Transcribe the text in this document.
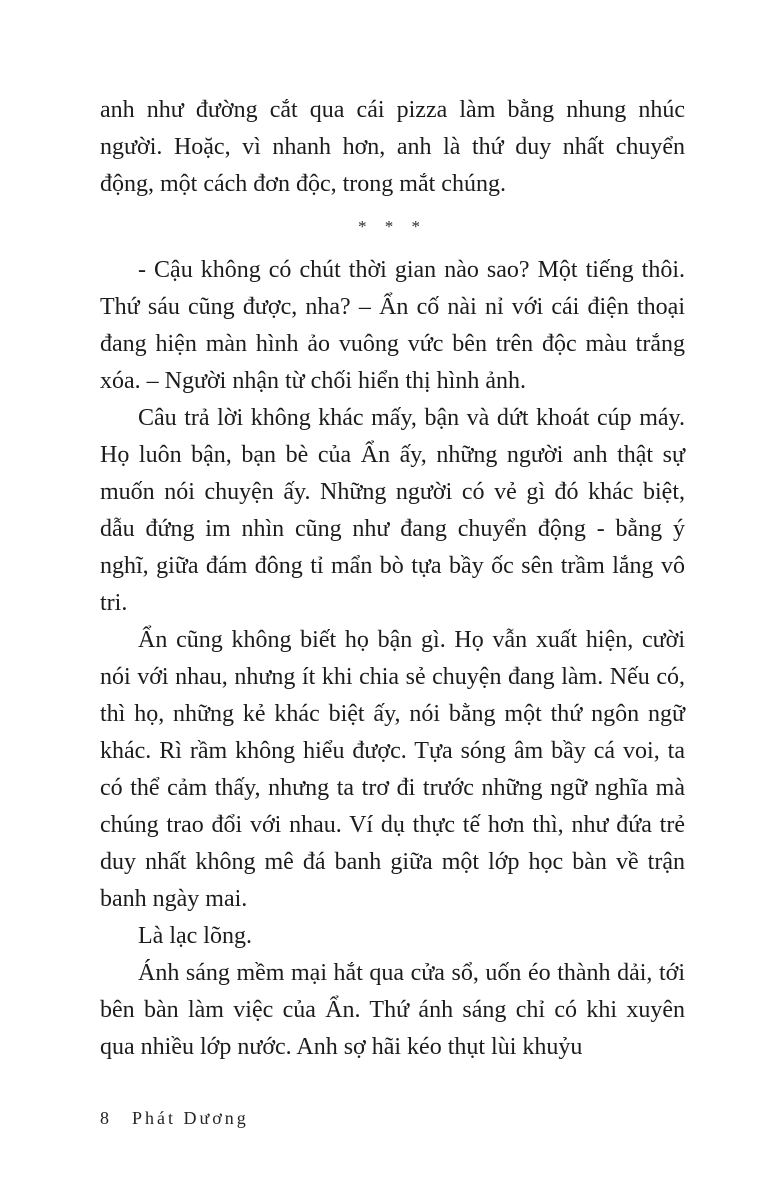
anh như đường cắt qua cái pizza làm bằng nhung nhúc người. Hoặc, vì nhanh hơn, anh là thứ duy nhất chuyển động, một cách đơn độc, trong mắt chúng.

* * *

- Cậu không có chút thời gian nào sao? Một tiếng thôi. Thứ sáu cũng được, nha? – Ẩn cố nài nỉ với cái điện thoại đang hiện màn hình ảo vuông vức bên trên độc màu trắng xóa. – Người nhận từ chối hiển thị hình ảnh.

Câu trả lời không khác mấy, bận và dứt khoát cúp máy. Họ luôn bận, bạn bè của Ẩn ấy, những người anh thật sự muốn nói chuyện ấy. Những người có vẻ gì đó khác biệt, dẫu đứng im nhìn cũng như đang chuyển động - bằng ý nghĩ, giữa đám đông tỉ mẩn bò tựa bầy ốc sên trầm lắng vô tri.

Ẩn cũng không biết họ bận gì. Họ vẫn xuất hiện, cười nói với nhau, nhưng ít khi chia sẻ chuyện đang làm. Nếu có, thì họ, những kẻ khác biệt ấy, nói bằng một thứ ngôn ngữ khác. Rì rầm không hiểu được. Tựa sóng âm bầy cá voi, ta có thể cảm thấy, nhưng ta trơ đi trước những ngữ nghĩa mà chúng trao đổi với nhau. Ví dụ thực tế hơn thì, như đứa trẻ duy nhất không mê đá banh giữa một lớp học bàn về trận banh ngày mai.

Là lạc lõng.

Ánh sáng mềm mại hắt qua cửa sổ, uốn éo thành dải, tới bên bàn làm việc của Ẩn. Thứ ánh sáng chỉ có khi xuyên qua nhiều lớp nước. Anh sợ hãi kéo thụt lùi khuỷu

8 Phát Dương
